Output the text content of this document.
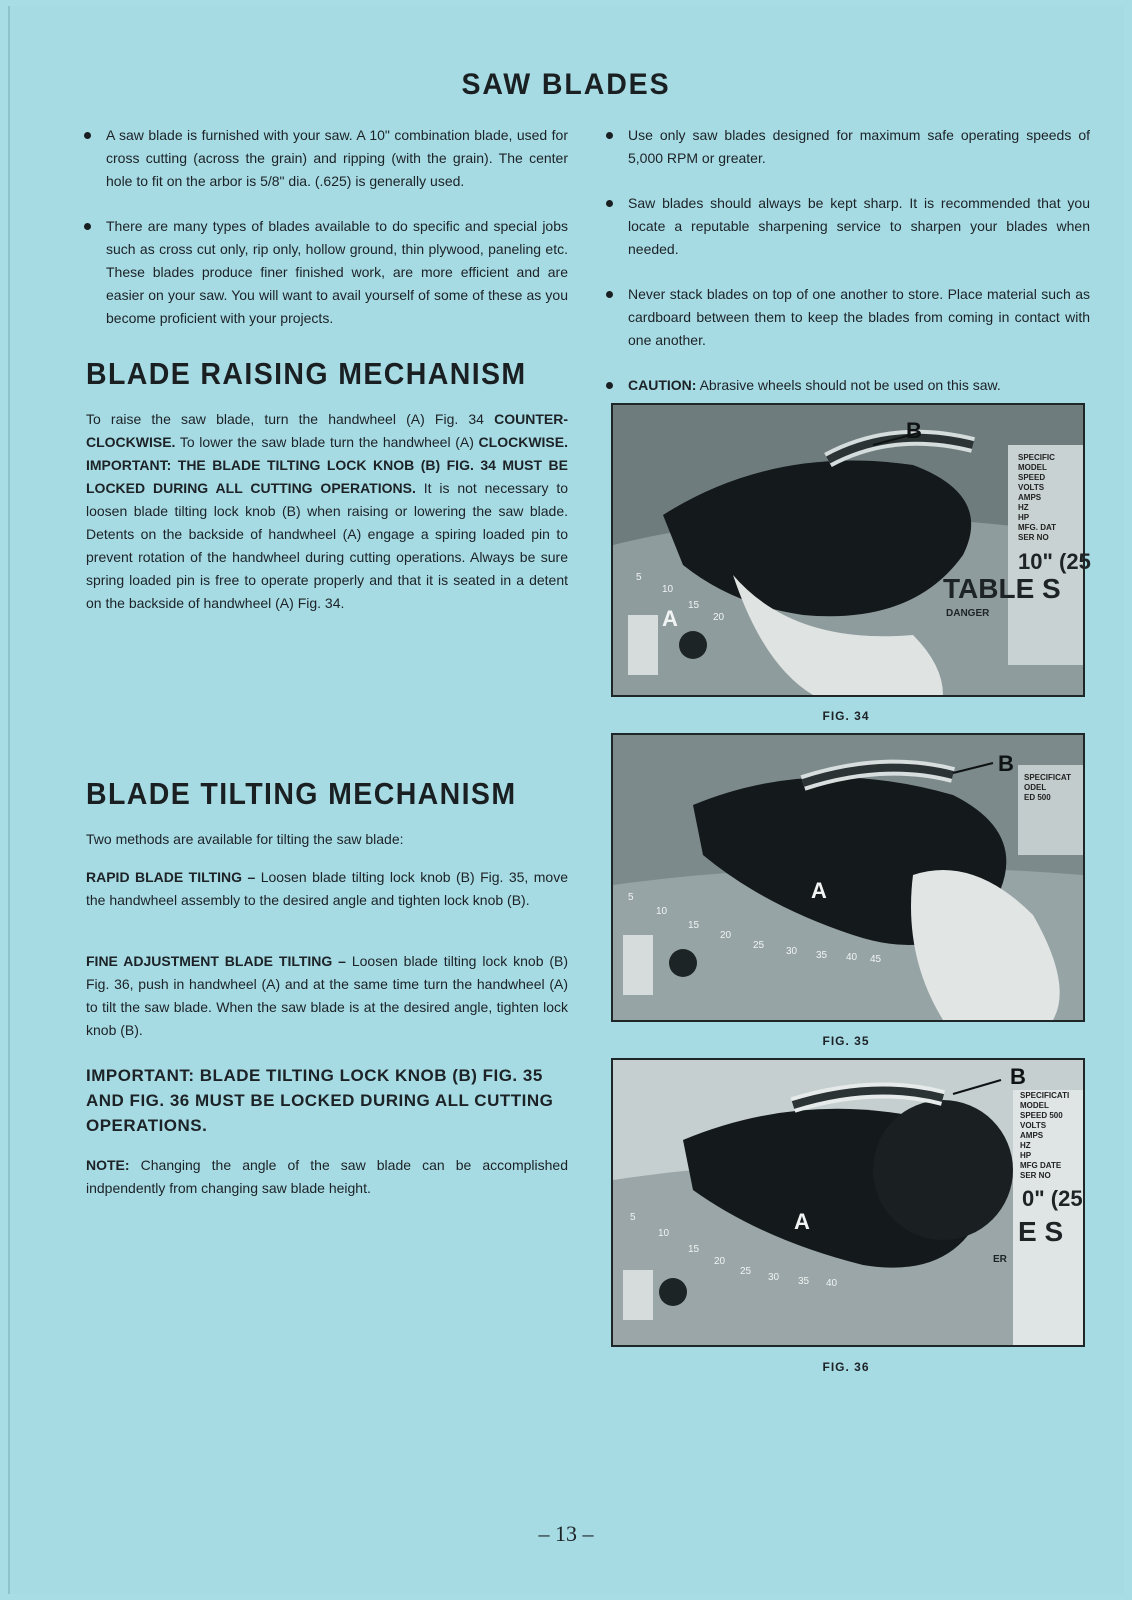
SAW BLADES

A saw blade is furnished with your saw. A 10" combination blade, used for cross cutting (across the grain) and ripping (with the grain). The center hole to fit on the arbor is 5/8" dia. (.625) is generally used.

There are many types of blades available to do specific and special jobs such as cross cut only, rip only, hollow ground, thin plywood, paneling etc. These blades produce finer finished work, are more efficient and are easier on your saw. You will want to avail yourself of some of these as you become proficient with your projects.

Use only saw blades designed for maximum safe operating speeds of 5,000 RPM or greater.

Saw blades should always be kept sharp. It is recommended that you locate a reputable sharpening service to sharpen your blades when needed.

Never stack blades on top of one another to store. Place material such as cardboard between them to keep the blades from coming in contact with one another.

CAUTION: Abrasive wheels should not be used on this saw.

BLADE RAISING MECHANISM
To raise the saw blade, turn the handwheel (A) Fig. 34 COUNTER-CLOCKWISE. To lower the saw blade turn the handwheel (A) CLOCKWISE. IMPORTANT: THE BLADE TILTING LOCK KNOB (B) FIG. 34 MUST BE LOCKED DURING ALL CUTTING OPERATIONS. It is not necessary to loosen blade tilting lock knob (B) when raising or lowering the saw blade. Detents on the backside of handwheel (A) engage a spiring loaded pin to prevent rotation of the handwheel during cutting operations. Always be sure spring loaded pin is free to operate properly and that it is seated in a detent on the backside of handwheel (A) Fig. 34.
BLADE TILTING MECHANISM
Two methods are available for tilting the saw blade:
RAPID BLADE TILTING – Loosen blade tilting lock knob (B) Fig. 35, move the handwheel assembly to the desired angle and tighten lock knob (B).
FINE ADJUSTMENT BLADE TILTING – Loosen blade tilting lock knob (B) Fig. 36, push in handwheel (A) and at the same time turn the handwheel (A) to tilt the saw blade. When the saw blade is at the desired angle, tighten lock knob (B).
IMPORTANT: BLADE TILTING LOCK KNOB (B) FIG. 35 AND FIG. 36 MUST BE LOCKED DURING ALL CUTTING OPERATIONS.
NOTE: Changing the angle of the saw blade can be accomplished indpendently from changing saw blade height.
B
A
SPECIFIC
MODEL
SPEED
VOLTS
AMPS
HZ
HP
MFG. DAT
SER NO
10" (25
TABLE S
DANGER
5
10
15
20
FIG. 34
B
A
SPECIFICAT
ODEL
ED 500
5
10
15
20
25
30 35 40 45
FIG. 35
B
A
SPECIFICATI
MODEL
SPEED 500
VOLTS
AMPS
HZ
HP
MFG DATE
SER NO
0" (25
E S
ER
5
10
15
20
25
30 35 40
FIG. 36
– 13 –
